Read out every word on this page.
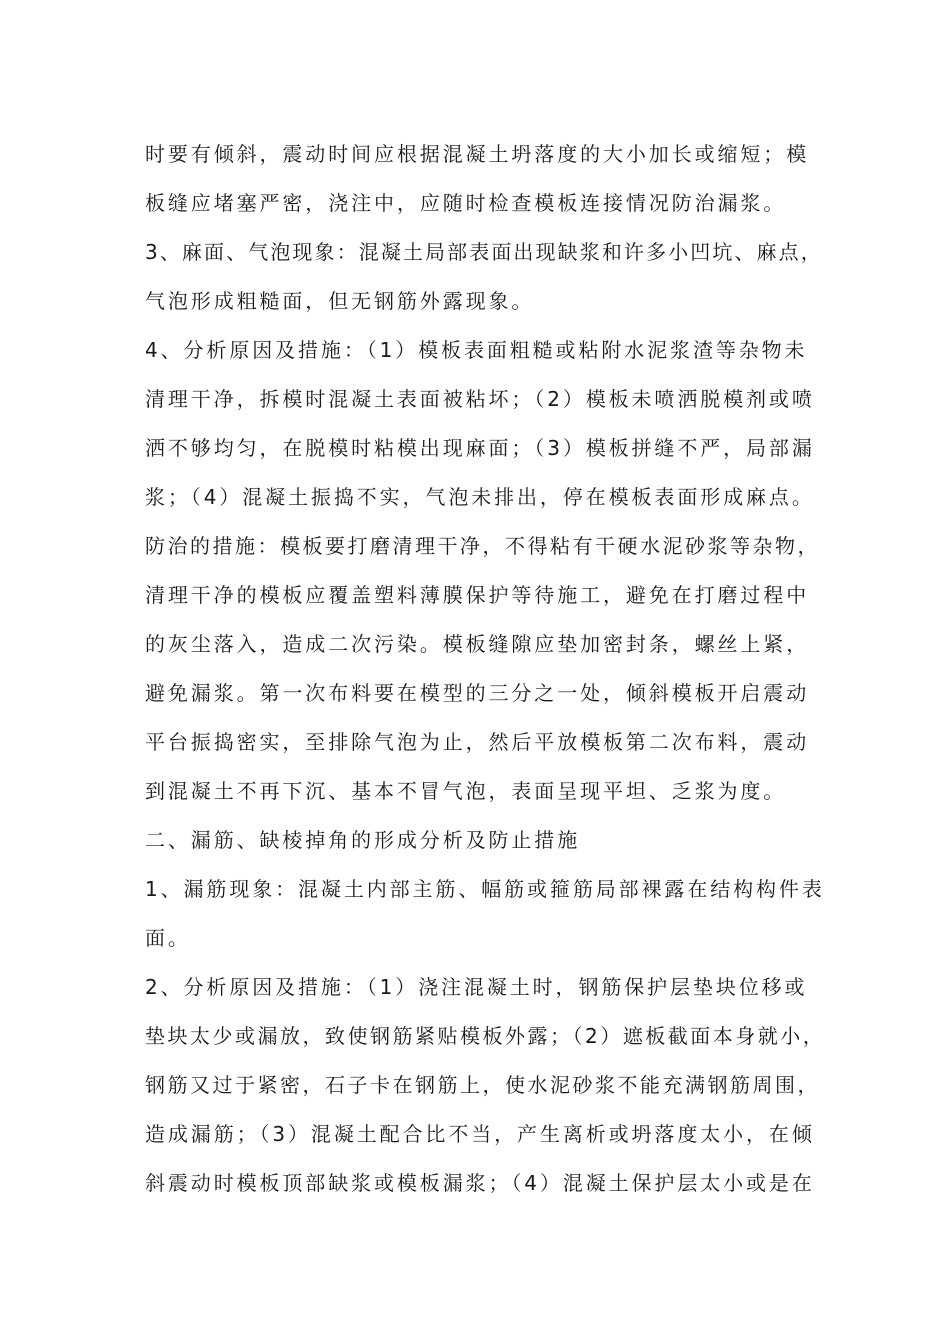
时要有倾斜，震动时间应根据混凝土坍落度的大小加长或缩短；模
板缝应堵塞严密，浇注中，应随时检查模板连接情况防治漏浆。
3、麻面、气泡现象：混凝土局部表面出现缺浆和许多小凹坑、麻点，
气泡形成粗糙面，但无钢筋外露现象。
4、分析原因及措施：（1）模板表面粗糙或粘附水泥浆渣等杂物未
清理干净，拆模时混凝土表面被粘坏；（2）模板未喷洒脱模剂或喷
洒不够均匀，在脱模时粘模出现麻面；（3）模板拼缝不严，局部漏
浆；（4）混凝土振捣不实，气泡未排出，停在模板表面形成麻点。
防治的措施：模板要打磨清理干净，不得粘有干硬水泥砂浆等杂物，
清理干净的模板应覆盖塑料薄膜保护等待施工，避免在打磨过程中
的灰尘落入，造成二次污染。模板缝隙应垫加密封条，螺丝上紧，
避免漏浆。第一次布料要在模型的三分之一处，倾斜模板开启震动
平台振捣密实，至排除气泡为止，然后平放模板第二次布料，震动
到混凝土不再下沉、基本不冒气泡，表面呈现平坦、乏浆为度。
二、漏筋、缺棱掉角的形成分析及防止措施
1、漏筋现象：混凝土内部主筋、幅筋或箍筋局部裸露在结构构件表
面。
2、分析原因及措施：（1）浇注混凝土时，钢筋保护层垫块位移或
垫块太少或漏放，致使钢筋紧贴模板外露；（2）遮板截面本身就小，
钢筋又过于紧密，石子卡在钢筋上，使水泥砂浆不能充满钢筋周围，
造成漏筋；（3）混凝土配合比不当，产生离析或坍落度太小，在倾
斜震动时模板顶部缺浆或模板漏浆；（4）混凝土保护层太小或是在
